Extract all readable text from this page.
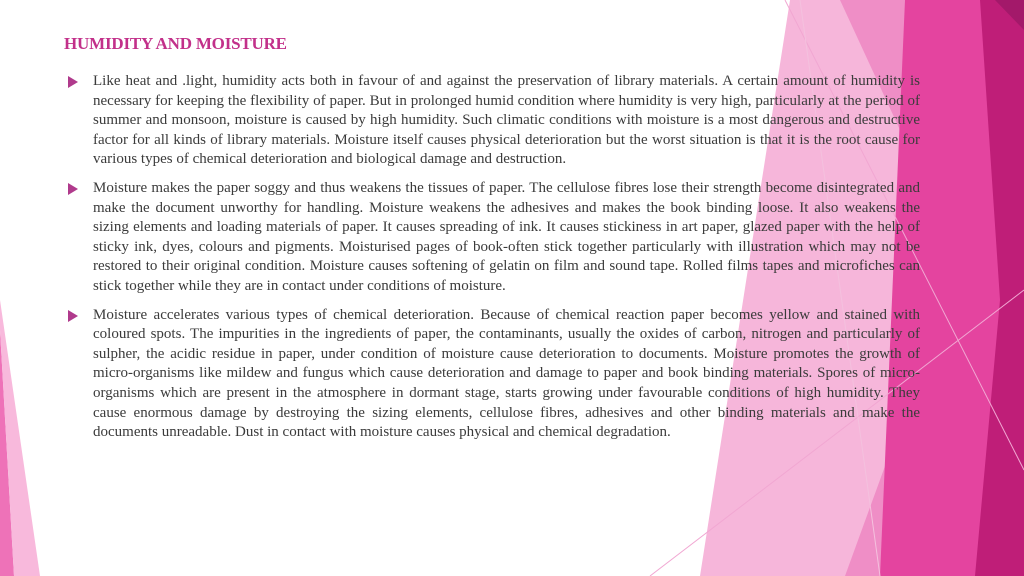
HUMIDITY AND MOISTURE
Like heat and .light, humidity acts both in favour of and against the preservation of library materials. A certain amount of humidity is necessary for keeping the flexibility of paper. But in prolonged humid condition where humidity is very high, particularly at the period of summer and monsoon, moisture is caused by high humidity. Such climatic conditions with moisture is a most dangerous and destructive factor for all kinds of library materials. Moisture itself causes physical deterioration but the worst situation is that it is the root cause for various types of chemical deterioration and biological damage and destruction.
Moisture makes the paper soggy and thus weakens the tissues of paper. The cellulose fibres lose their strength become disintegrated and make the document unworthy for handling. Moisture weakens the adhesives and makes the book binding loose. It also weakens the sizing elements and loading materials of paper. It causes spreading of ink. It causes stickiness in art paper, glazed paper with the help of sticky ink, dyes, colours and pigments. Moisturised pages of book-often stick together particularly with illustration which may not be restored to their original condition. Moisture causes softening of gelatin on film and sound tape. Rolled films tapes and microfiches can stick together while they are in contact under conditions of moisture.
Moisture accelerates various types of chemical deterioration. Because of chemical reaction paper becomes yellow and stained with coloured spots. The impurities in the ingredients of paper, the contaminants, usually the oxides of carbon, nitrogen and particularly of sulpher, the acidic residue in paper, under condition of moisture cause deterioration to documents. Moisture promotes the growth of micro-organisms like mildew and fungus which cause deterioration and damage to paper and book binding materials. Spores of micro-organisms which are present in the atmosphere in dormant stage, starts growing under favourable conditions of high humidity. They cause enormous damage by destroying the sizing elements, cellulose fibres, adhesives and other binding materials and make the documents unreadable. Dust in contact with moisture causes physical and chemical degradation.
